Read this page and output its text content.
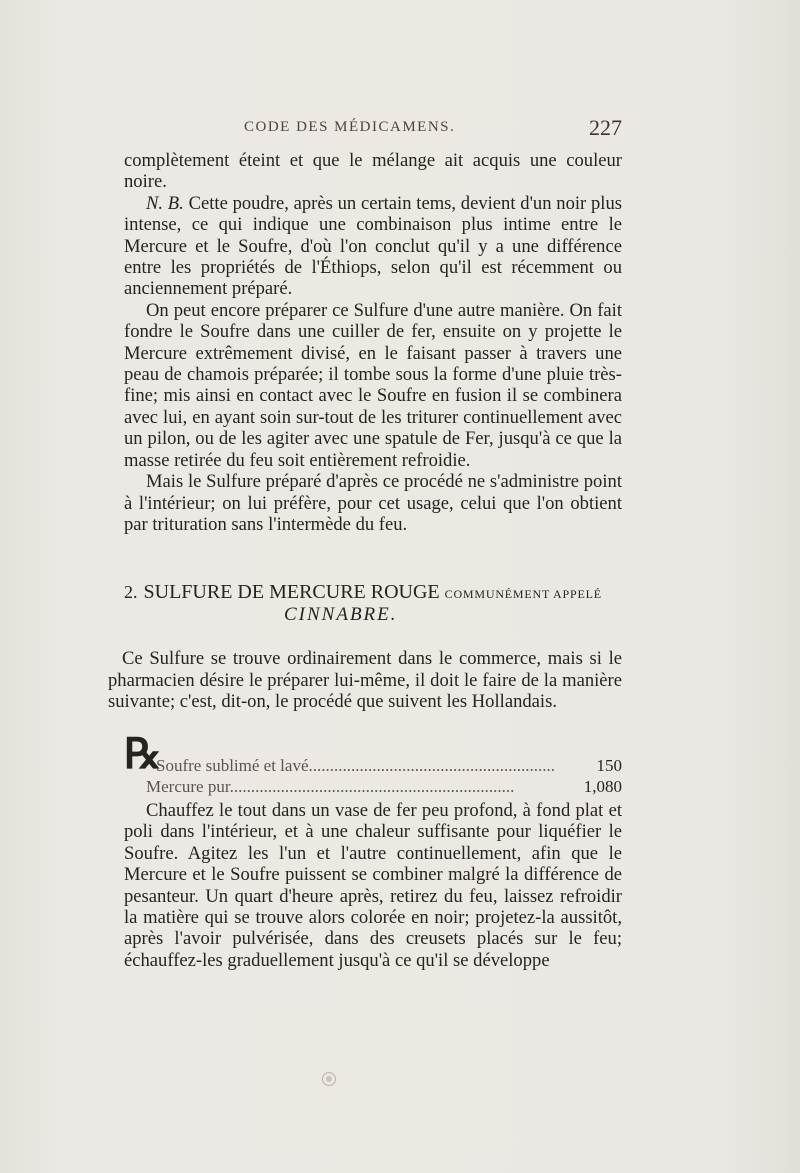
CODE DES MÉDICAMENS.	227

complètement éteint et que le mélange ait acquis une couleur noire.

N. B. Cette poudre, après un certain tems, devient d'un noir plus intense, ce qui indique une combinaison plus intime entre le Mercure et le Soufre, d'où l'on conclut qu'il y a une différence entre les propriétés de l'Éthiops, selon qu'il est récemment ou anciennement préparé.

On peut encore préparer ce Sulfure d'une autre manière. On fait fondre le Soufre dans une cuiller de fer, ensuite on y projette le Mercure extrêmement divisé, en le faisant passer à travers une peau de chamois préparée; il tombe sous la forme d'une pluie très-fine; mis ainsi en contact avec le Soufre en fusion il se combinera avec lui, en ayant soin sur-tout de les triturer continuellement avec un pilon, ou de les agiter avec une spatule de Fer, jusqu'à ce que la masse retirée du feu soit entièrement refroidie.

Mais le Sulfure préparé d'après ce procédé ne s'administre point à l'intérieur; on lui préfère, pour cet usage, celui que l'on obtient par trituration sans l'intermède du feu.

2. SULFURE DE MERCURE ROUGE COMMUNÉMENT APPELÉ
CINNABRE.

Ce Sulfure se trouve ordinairement dans le commerce, mais si le pharmacien désire le préparer lui-même, il doit le faire de la manière suivante; c'est, dit-on, le procédé que suivent les Hollandais.

℞
Soufre sublimé et lavé..........................................................	150
Mercure pur...................................................................	1,080

Chauffez le tout dans un vase de fer peu profond, à fond plat et poli dans l'intérieur, et à une chaleur suffisante pour liquéfier le Soufre. Agitez les l'un et l'autre continuellement, afin que le Mercure et le Soufre puissent se combiner malgré la différence de pesanteur. Un quart d'heure après, retirez du feu, laissez refroidir la matière qui se trouve alors colorée en noir; projetez-la aussitôt, après l'avoir pulvérisée, dans des creusets placés sur le feu; échauffez-les graduellement jusqu'à ce qu'il se développe
